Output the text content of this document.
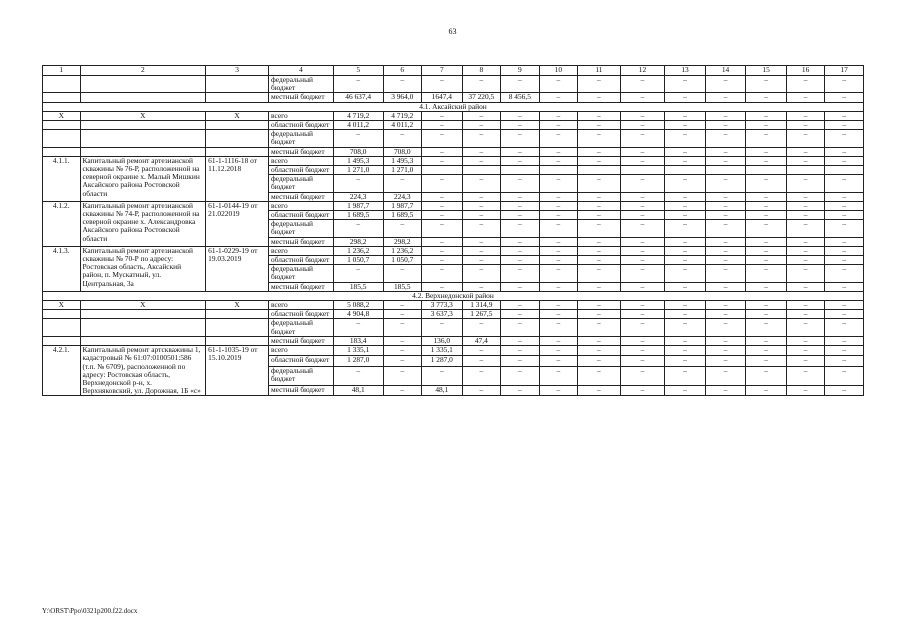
63
1	2	3	4	5	6	7	8	9	10	11	12	13	14	15	16	17
			федеральный бюджет	–	–	–	–	–	–	–	–	–	–	–	–	–
			местный бюджет	46 637,4	3 964,0	1647,4	37 220,5	8 456,5	–	–	–	–	–	–	–	–
4.1. Аксайский район																
Х	Х	Х	всего	4 719,2	4 719,2	–	–	–	–	–	–	–	–	–	–	–
			областной бюджет	4 011,2	4 011,2	–	–	–	–	–	–	–	–	–	–	–
			федеральный бюджет	–	–	–	–	–	–	–	–	–	–	–	–	–
			местный бюджет	708,0	708,0	–	–	–	–	–	–	–	–	–	–	–
4.1.1.	Капитальный ремонт артезианской скважины № 76-Р, расположенной на северной окраине х. Малый Мишкин Аксайского района Ростовской области	61-1-1116-18 от 11.12.2018	всего	1 495,3	1 495,3	–	–	–	–	–	–	–	–	–	–	–
			областной бюджет	1 271,0	1 271,0											
			федеральный бюджет	–	–	–	–	–	–	–	–	–	–	–	–	–
			местный бюджет	224,3	224,3	–	–	–	–	–	–	–	–	–	–	–
4.1.2.	Капитальный ремонт артезианской скважины № 74-Р, расположенной на северной окраине х. Александровка Аксайского района Ростовской области	61-1-0144-19 от 21.022019	всего	1 987,7	1 987,7	–	–	–	–	–	–	–	–	–	–	–
			областной бюджет	1 689,5	1 689,5	–	–	–	–	–	–	–	–	–	–	–
			федеральный бюджет	–	–	–	–	–	–	–	–	–	–	–	–	–
			местный бюджет	298,2	298,2	–	–	–	–	–	–	–	–	–	–	–
4.1.3.	Капитальный ремонт артезианской скважины № 70-Р по адресу: Ростовская область, Аксайский район, п. Мускатный, ул. Центральная, 3а	61-1-0229-19 от 19.03.2019	всего	1 236,2	1 236,2	–	–	–	–	–	–	–	–	–	–	–
			областной бюджет	1 050,7	1 050,7	–	–	–	–	–	–	–	–	–	–	–
			федеральный бюджет	–	–	–	–	–	–	–	–	–	–	–	–	–
			местный бюджет	185,5	185,5	–	–	–	–	–	–	–	–	–	–	–
4.2. Верхнедонской район																
Х	Х	Х	всего	5 088,2	–	3 773,3	1 314,9	–	–	–	–	–	–	–	–	–
			областной бюджет	4 904,8	–	3 637,3	1 267,5	–	–	–	–	–	–	–	–	–
			федеральный бюджет	–	–	–	–	–	–	–	–	–	–	–	–	–
			местный бюджет	183,4	–	136,0	47,4	–	–	–	–	–	–	–	–	–
4.2.1.	Капитальный ремонт артскважины 1, кадастровый № 61:07:0100501:586 (т.п. № 6709), расположенной по адресу: Ростовская область, Верхнедонской р-н, х. Верхняковский, ул. Дорожная, 1Б «с»	61-1-1035-19 от 15.10.2019	всего	1 335,1	–	1 335,1	–	–	–	–	–	–	–	–	–	–
			областной бюджет	1 287,0	–	1 287,0	–	–	–	–	–	–	–	–	–	–
			федеральный бюджет	–	–	–	–	–	–	–	–	–	–	–	–	–
			местный бюджет	48,1	–	48,1	–	–	–	–	–	–	–	–	–	–
Y:\ORST\Ppo\0321p200.f22.docx
